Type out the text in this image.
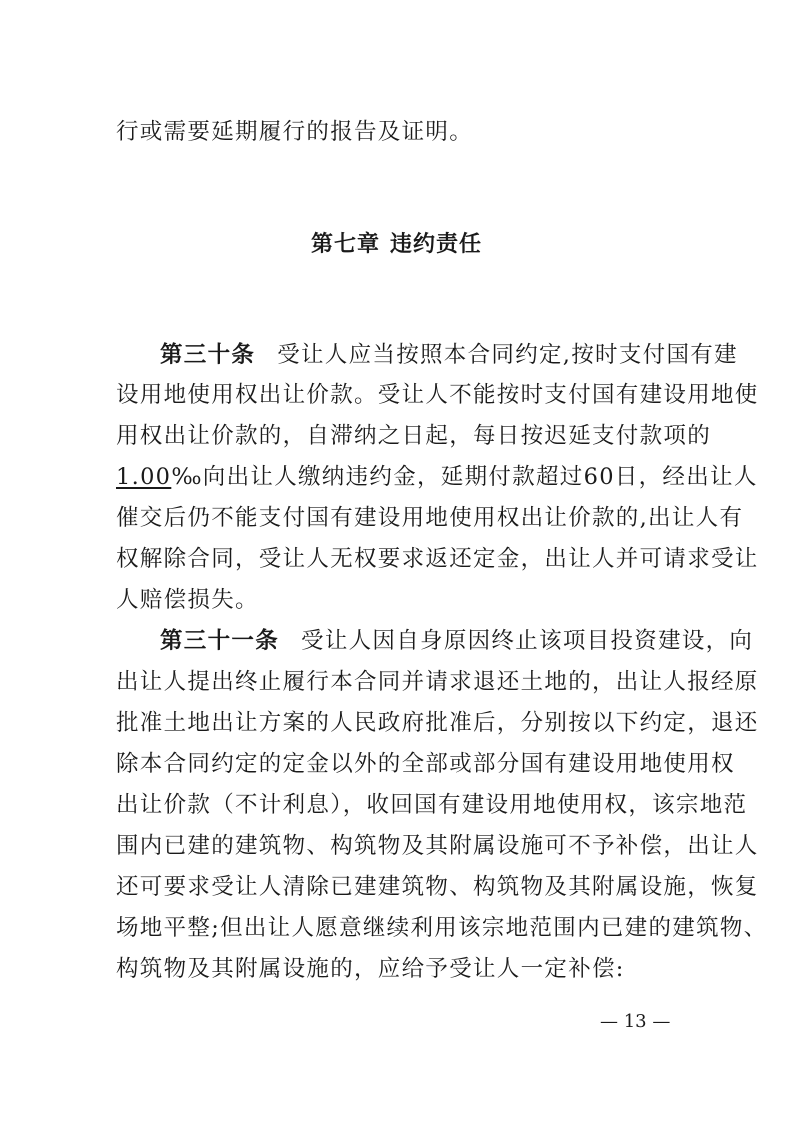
行或需要延期履行的报告及证明。
第七章 违约责任
第三十条 受让人应当按照本合同约定,按时支付国有建
设用地使用权出让价款。受让人不能按时支付国有建设用地使
用权出让价款的，自滞纳之日起，每日按迟延支付款项的
1.00‰向出让人缴纳违约金，延期付款超过60日，经出让人
催交后仍不能支付国有建设用地使用权出让价款的,出让人有
权解除合同，受让人无权要求返还定金，出让人并可请求受让
人赔偿损失。
第三十一条 受让人因自身原因终止该项目投资建设，向
出让人提出终止履行本合同并请求退还土地的，出让人报经原
批准土地出让方案的人民政府批准后，分别按以下约定，退还
除本合同约定的定金以外的全部或部分国有建设用地使用权
出让价款（不计利息），收回国有建设用地使用权，该宗地范
围内已建的建筑物、构筑物及其附属设施可不予补偿，出让人
还可要求受让人清除已建建筑物、构筑物及其附属设施，恢复
场地平整;但出让人愿意继续利用该宗地范围内已建的建筑物、
构筑物及其附属设施的，应给予受让人一定补偿:
— 13 —
